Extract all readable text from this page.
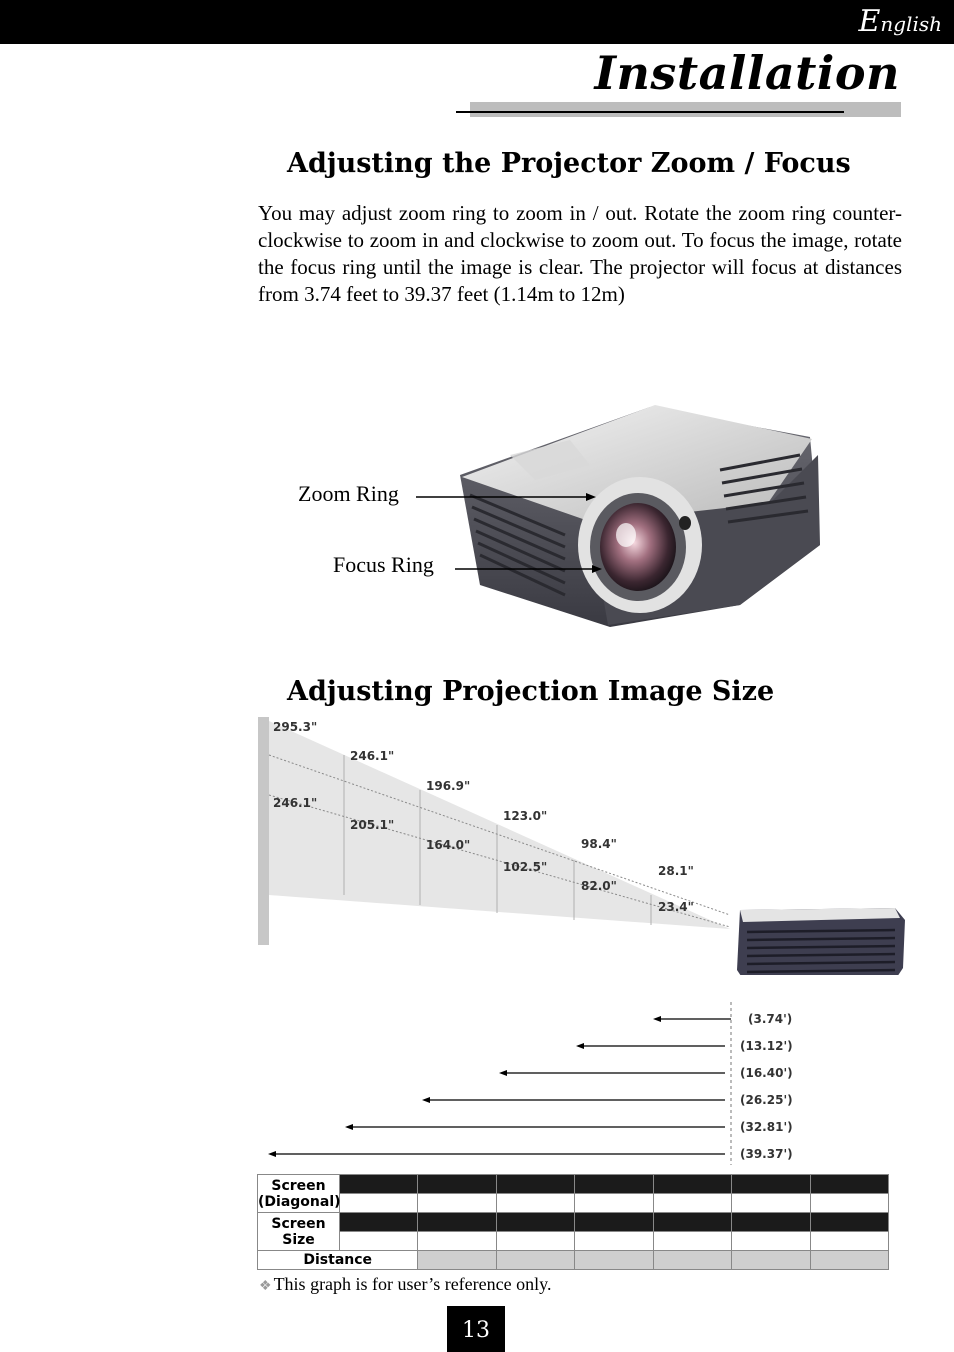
English
Installation
Adjusting the Projector Zoom / Focus
You may adjust zoom ring to zoom in / out. Rotate the zoom ring counter-clockwise to zoom in and clockwise to zoom out. To focus the image, rotate the focus ring until the image is clear. The projector will focus at distances from 3.74 feet to 39.37 feet (1.14m to 12m)
Zoom Ring
Focus Ring
Adjusting Projection Image Size
295.3"
246.1"
196.9"
123.0"
98.4"
28.1"
246.1"
205.1"
164.0"
102.5"
82.0"
23.4"
(3.74')
(13.12')
(16.40')
(26.25')
(32.81')
(39.37')
Screen
(Diagonal)							

Screen
Size							

Distance							
❖ This graph is for user’s reference only.
13
